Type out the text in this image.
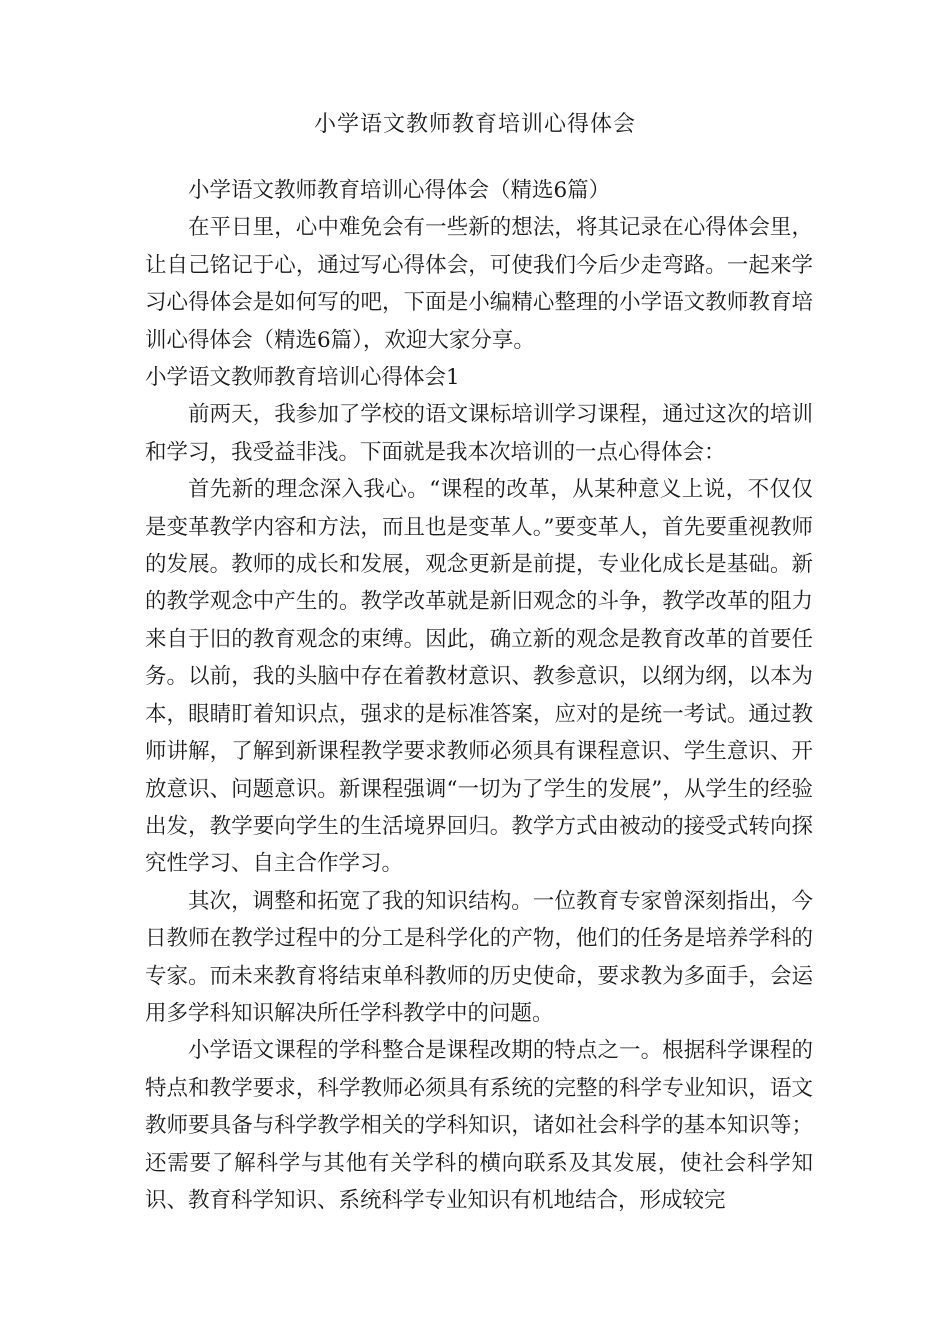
小学语文教师教育培训心得体会

小学语文教师教育培训心得体会（精选6篇）

在平日里，心中难免会有一些新的想法，将其记录在心得体会里，让自己铭记于心，通过写心得体会，可使我们今后少走弯路。一起来学习心得体会是如何写的吧，下面是小编精心整理的小学语文教师教育培训心得体会（精选6篇），欢迎大家分享。

小学语文教师教育培训心得体会1

前两天，我参加了学校的语文课标培训学习课程，通过这次的培训和学习，我受益非浅。下面就是我本次培训的一点心得体会：

首先新的理念深入我心。“课程的改革，从某种意义上说，不仅仅是变革教学内容和方法，而且也是变革人。”要变革人，首先要重视教师的发展。教师的成长和发展，观念更新是前提，专业化成长是基础。新的教学观念中产生的。教学改革就是新旧观念的斗争，教学改革的阻力来自于旧的教育观念的束缚。因此，确立新的观念是教育改革的首要任务。以前，我的头脑中存在着教材意识、教参意识，以纲为纲，以本为本，眼睛盯着知识点，强求的是标准答案，应对的是统一考试。通过教师讲解，了解到新课程教学要求教师必须具有课程意识、学生意识、开放意识、问题意识。新课程强调“一切为了学生的发展”，从学生的经验出发，教学要向学生的生活境界回归。教学方式由被动的接受式转向探究性学习、自主合作学习。

其次，调整和拓宽了我的知识结构。一位教育专家曾深刻指出，今日教师在教学过程中的分工是科学化的产物，他们的任务是培养学科的专家。而未来教育将结束单科教师的历史使命，要求教为多面手，会运用多学科知识解决所任学科教学中的问题。

小学语文课程的学科整合是课程改期的特点之一。根据科学课程的特点和教学要求，科学教师必须具有系统的完整的科学专业知识，语文教师要具备与科学教学相关的学科知识，诸如社会科学的基本知识等；还需要了解科学与其他有关学科的横向联系及其发展，使社会科学知识、教育科学知识、系统科学专业知识有机地结合，形成较完
